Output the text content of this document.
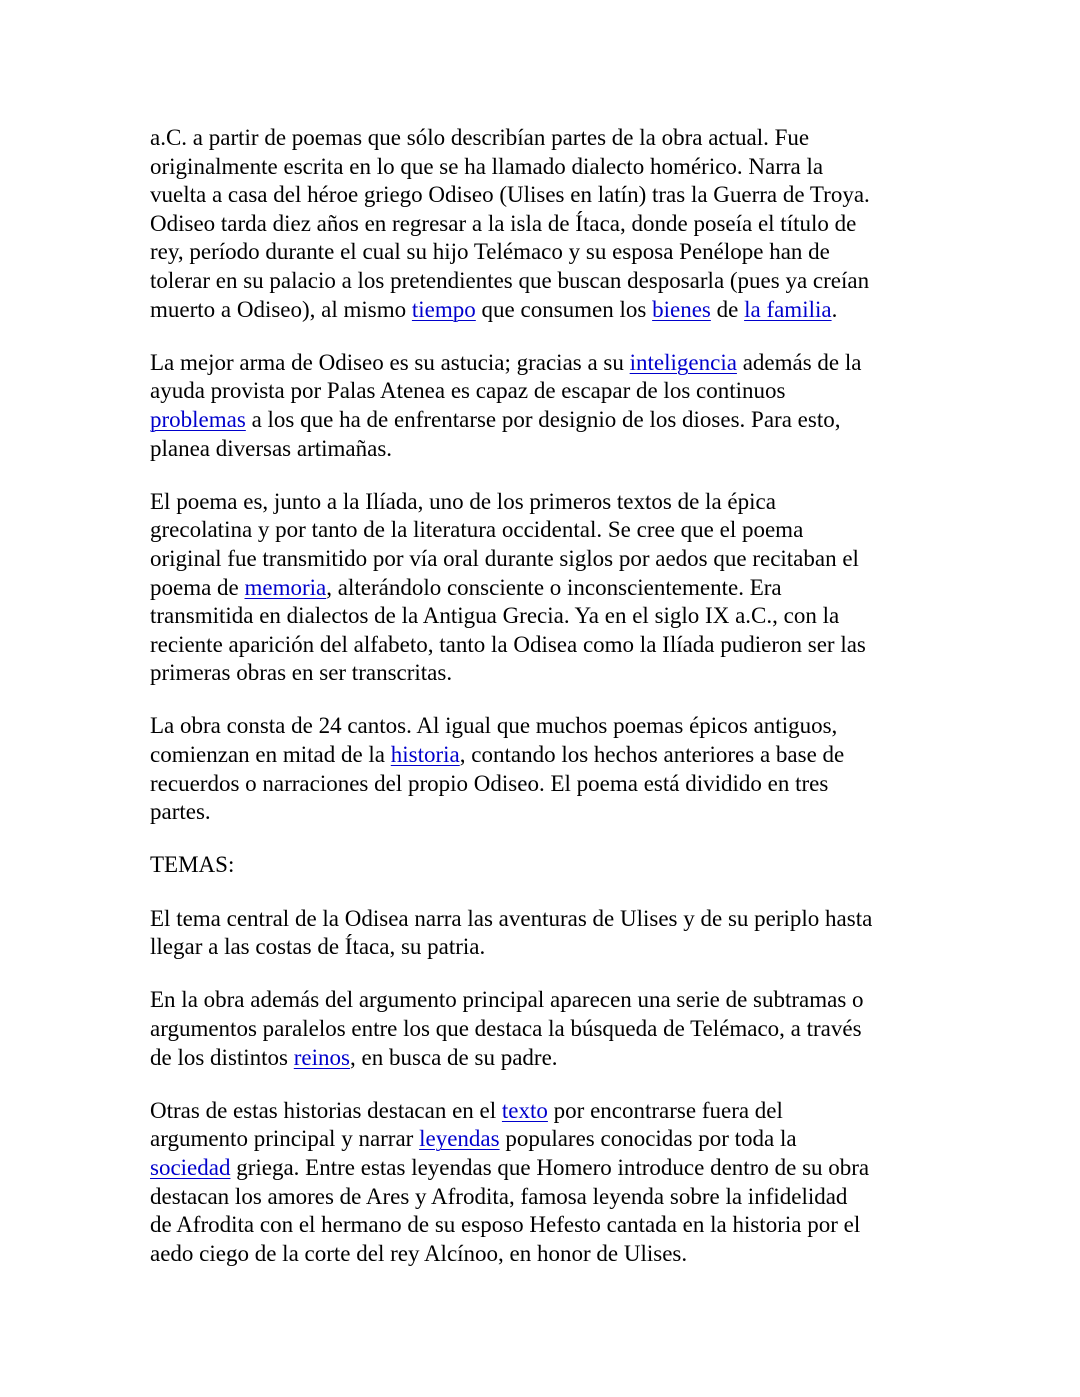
a.C. a partir de poemas que sólo describían partes de la obra actual. Fue
originalmente escrita en lo que se ha llamado dialecto homérico. Narra la
vuelta a casa del héroe griego Odiseo (Ulises en latín) tras la Guerra de Troya.
Odiseo tarda diez años en regresar a la isla de Ítaca, donde poseía el título de
rey, período durante el cual su hijo Telémaco y su esposa Penélope han de
tolerar en su palacio a los pretendientes que buscan desposarla (pues ya creían
muerto a Odiseo), al mismo tiempo que consumen los bienes de la familia.

La mejor arma de Odiseo es su astucia; gracias a su inteligencia además de la
ayuda provista por Palas Atenea es capaz de escapar de los continuos
problemas a los que ha de enfrentarse por designio de los dioses. Para esto,
planea diversas artimañas.

El poema es, junto a la Ilíada, uno de los primeros textos de la épica
grecolatina y por tanto de la literatura occidental. Se cree que el poema
original fue transmitido por vía oral durante siglos por aedos que recitaban el
poema de memoria, alterándolo consciente o inconscientemente. Era
transmitida en dialectos de la Antigua Grecia. Ya en el siglo IX a.C., con la
reciente aparición del alfabeto, tanto la Odisea como la Ilíada pudieron ser las
primeras obras en ser transcritas.

La obra consta de 24 cantos. Al igual que muchos poemas épicos antiguos,
comienzan en mitad de la historia, contando los hechos anteriores a base de
recuerdos o narraciones del propio Odiseo. El poema está dividido en tres
partes.

TEMAS:

El tema central de la Odisea narra las aventuras de Ulises y de su periplo hasta
llegar a las costas de Ítaca, su patria.

En la obra además del argumento principal aparecen una serie de subtramas o
argumentos paralelos entre los que destaca la búsqueda de Telémaco, a través
de los distintos reinos, en busca de su padre.

Otras de estas historias destacan en el texto por encontrarse fuera del
argumento principal y narrar leyendas populares conocidas por toda la
sociedad griega. Entre estas leyendas que Homero introduce dentro de su obra
destacan los amores de Ares y Afrodita, famosa leyenda sobre la infidelidad
de Afrodita con el hermano de su esposo Hefesto cantada en la historia por el
aedo ciego de la corte del rey Alcínoo, en honor de Ulises.
